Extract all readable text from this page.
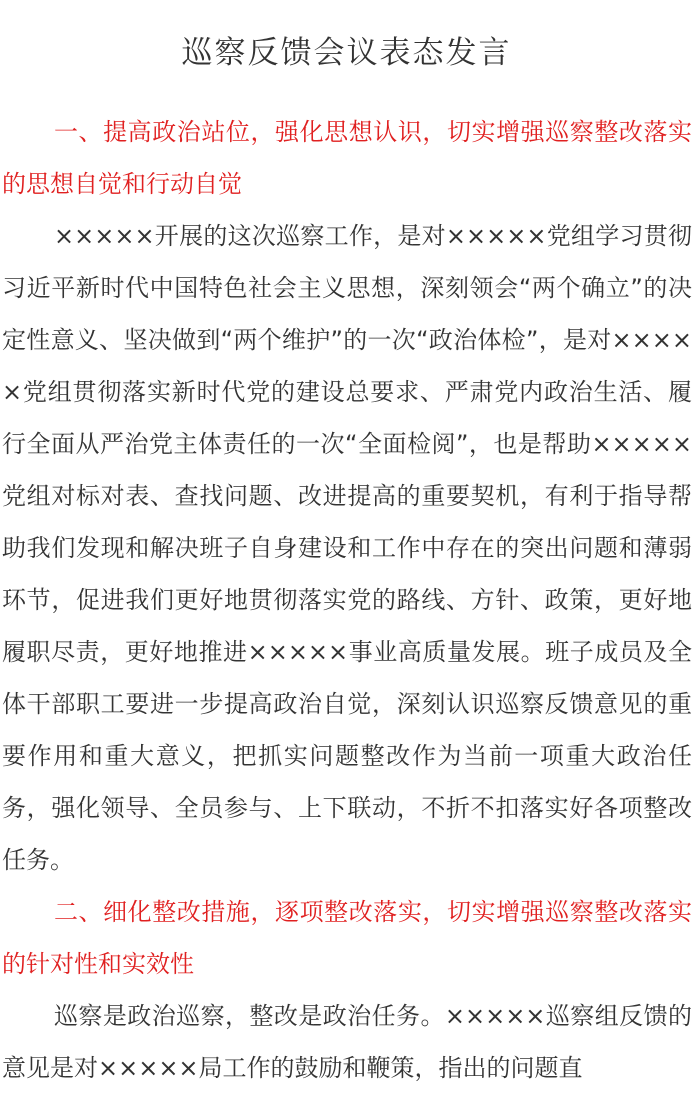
巡察反馈会议表态发言

一、提高政治站位，强化思想认识，切实增强巡察整改落实的思想自觉和行动自觉

×××××开展的这次巡察工作，是对×××××党组学习贯彻习近平新时代中国特色社会主义思想，深刻领会“两个确立”的决定性意义、坚决做到“两个维护”的一次“政治体检”，是对×××××党组贯彻落实新时代党的建设总要求、严肃党内政治生活、履行全面从严治党主体责任的一次“全面检阅”，也是帮助×××××党组对标对表、查找问题、改进提高的重要契机，有利于指导帮助我们发现和解决班子自身建设和工作中存在的突出问题和薄弱环节，促进我们更好地贯彻落实党的路线、方针、政策，更好地履职尽责，更好地推进×××××事业高质量发展。班子成员及全体干部职工要进一步提高政治自觉，深刻认识巡察反馈意见的重要作用和重大意义，把抓实问题整改作为当前一项重大政治任务，强化领导、全员参与、上下联动，不折不扣落实好各项整改任务。

二、细化整改措施，逐项整改落实，切实增强巡察整改落实的针对性和实效性

巡察是政治巡察，整改是政治任务。×××××巡察组反馈的意见是对×××××局工作的鼓励和鞭策，指出的问题直
